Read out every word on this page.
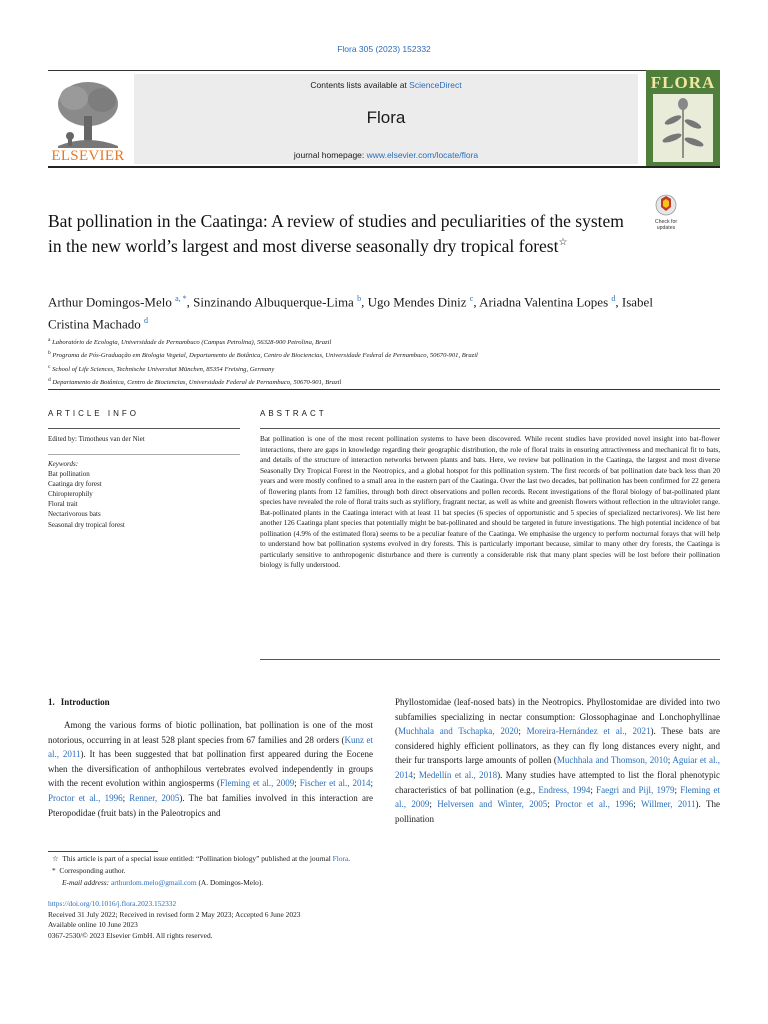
Flora 305 (2023) 152332
ELSEVIER
Contents lists available at ScienceDirect
Flora
journal homepage: www.elsevier.com/locate/flora
FLORA
Bat pollination in the Caatinga: A review of studies and peculiarities of the system in the new world’s largest and most diverse seasonally dry tropical forest☆
Check for
updates
Arthur Domingos-Melo $^{a, *}$, Sinzinando Albuquerque-Lima $^b$, Ugo Mendes Diniz $^c$, Ariadna Valentina Lopes $^d$, Isabel Cristina Machado $^d$
$^a$ Laboratório de Ecologia, Universidade de Pernambuco (Campus Petrolina), 56328-900 Petrolina, Brazil
$^b$ Programa de Pós-Graduação em Biologia Vegetal, Departamento de Botânica, Centro de Biociencias, Universidade Federal de Pernambuco, 50670-901, Brazil
$^c$ School of Life Sciences, Technische Universitat München, 85354 Freising, Germany
$^d$ Departamento de Botânica, Centro de Biociencias, Universidade Federal de Pernambuco, 50670-901, Brazil
ARTICLE INFO	ABSTRACT
Edited by: Timotheus van der Niet
Keywords:
Bat pollination
Caatinga dry forest
Chiropterophily
Floral trait
Nectarivorous bats
Seasonal dry tropical forest
Bat pollination is one of the most recent pollination systems to have been discovered. While recent studies have provided novel insight into bat-flower interactions, there are gaps in knowledge regarding their geographic distribution, the role of floral traits in ensuring attractiveness and mechanical fit to bats, and details of the structure of interaction networks between plants and bats. Here, we review bat pollination in the Caatinga, the largest and most diverse Seasonally Dry Tropical Forest in the Neotropics, and a global hotspot for this pollination system. The first records of bat pollination date back less than 20 years and were mostly confined to a small area in the eastern part of the Caatinga. Over the last two decades, bat pollination has been confirmed for 22 genera of flowering plants from 12 families, through both direct observations and pollen records. Recent investigations of the floral biology of bat-pollinated plant species have revealed the role of floral traits such as styliflory, fragrant nectar, as well as white and greenish flowers without reflection in the ultraviolet range. Bat-pollinated plants in the Caatinga interact with at least 11 bat species (6 species of opportunistic and 5 species of specialized nectarivores). We list here another 126 Caatinga plant species that potentially might be bat-pollinated and should be targeted in future investigations. The high potential incidence of bat pollination (4.9% of the estimated flora) seems to be a peculiar feature of the Caatinga. We emphasise the urgency to perform nocturnal forays that will help to understand how bat pollination systems evolved in dry forests. This is particularly important because, similar to many other dry forests, the Caatinga is particularly sensitive to anthropogenic disturbance and there is currently a considerable risk that many plant species will be lost before their pollination biology is fully understood.
1. Introduction
Among the various forms of biotic pollination, bat pollination is one of the most notorious, occurring in at least 528 plant species from 67 families and 28 orders (Kunz et al., 2011). It has been suggested that bat pollination first appeared during the Eocene when the diversification of anthophilous vertebrates evolved independently in groups with the recent evolution within angiosperms (Fleming et al., 2009; Fischer et al., 2014; Proctor et al., 1996; Renner, 2005). The bat families involved in this interaction are Pteropodidae (fruit bats) in the Paleotropics and
Phyllostomidae (leaf-nosed bats) in the Neotropics. Phyllostomidae are divided into two subfamilies specializing in nectar consumption: Glossophaginae and Lonchophyllinae (Muchhala and Tschapka, 2020; Moreira-Hernández et al., 2021). These bats are considered highly efficient pollinators, as they can fly long distances every night, and their fur transports large amounts of pollen (Muchhala and Thomson, 2010; Aguiar et al., 2014; Medellín et al., 2018). Many studies have attempted to list the floral phenotypic characteristics of bat pollination (e.g., Endress, 1994; Faegri and Pijl, 1979; Fleming et al., 2009; Helversen and Winter, 2005; Proctor et al., 1996; Willmer, 2011). The pollination
☆ This article is part of a special issue entitled: “Pollination biology” published at the journal Flora.
* Corresponding author.
E-mail address: arthurdom.melo@gmail.com (A. Domingos-Melo).
https://doi.org/10.1016/j.flora.2023.152332
Received 31 July 2022; Received in revised form 2 May 2023; Accepted 6 June 2023
Available online 10 June 2023
0367-2530/© 2023 Elsevier GmbH. All rights reserved.
